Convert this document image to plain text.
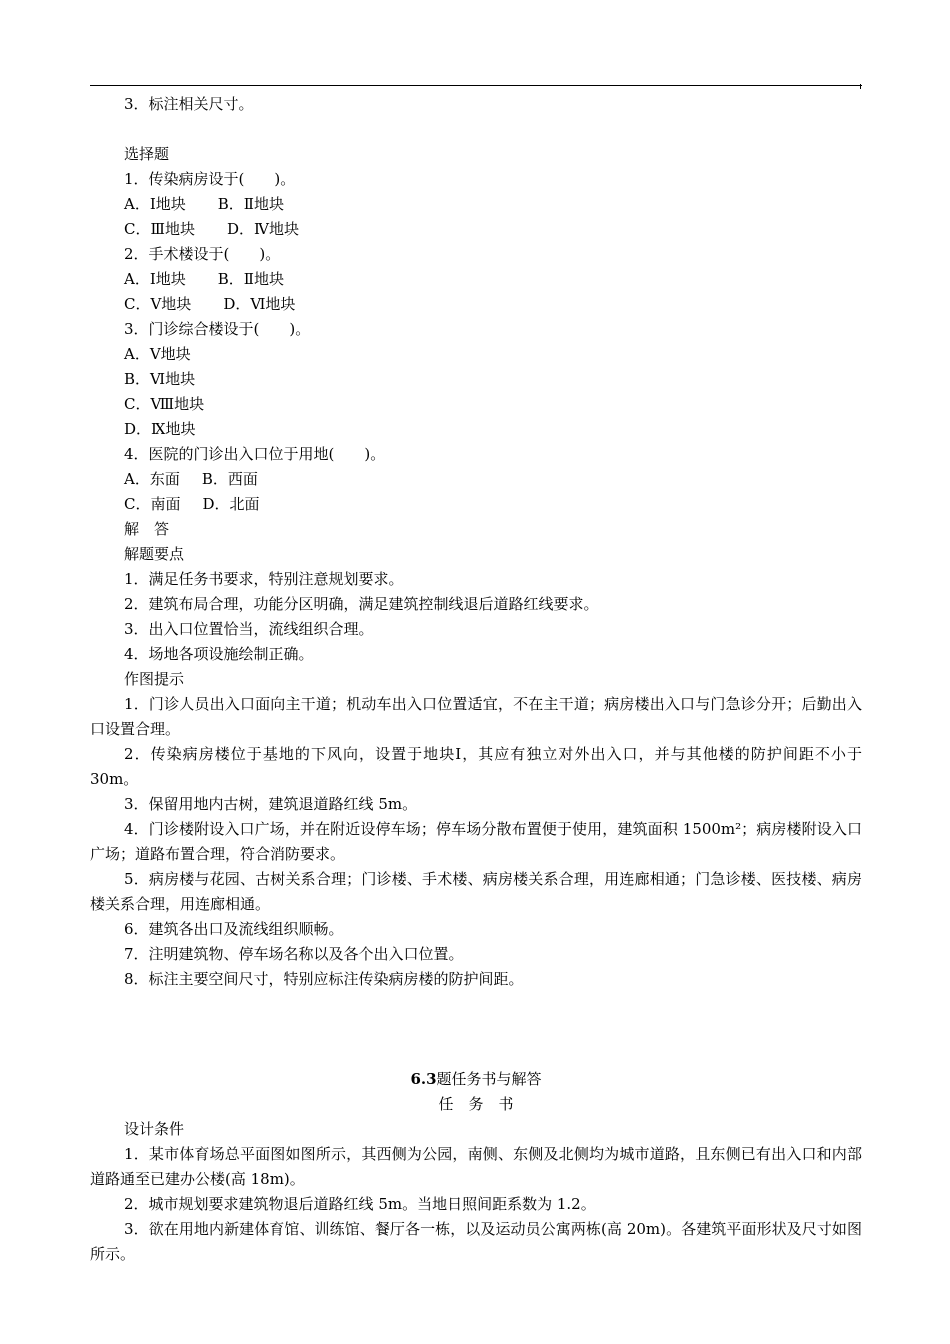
3．标注相关尺寸。
选择题
1．传染病房设于(　　)。
A．Ⅰ地块 B．Ⅱ地块
C．Ⅲ地块 D．Ⅳ地块
2．手术楼设于(　　)。
A．Ⅰ地块 B．Ⅱ地块
C．Ⅴ地块 D．Ⅵ地块
3．门诊综合楼设于(　　)。
A．Ⅴ地块
B．Ⅵ地块
C．Ⅷ地块
D．Ⅸ地块
4．医院的门诊出入口位于用地(　　)。
A．东面 B．西面
C．南面 D．北面
解　答
解题要点
1．满足任务书要求，特别注意规划要求。
2．建筑布局合理，功能分区明确，满足建筑控制线退后道路红线要求。
3．出入口位置恰当，流线组织合理。
4．场地各项设施绘制正确。
作图提示
1．门诊人员出入口面向主干道；机动车出入口位置适宜，不在主干道；病房楼出入口与门急诊分开；后勤出入口设置合理。
2．传染病房楼位于基地的下风向，设置于地块Ⅰ，其应有独立对外出入口，并与其他楼的防护间距不小于 30m。
3．保留用地内古树，建筑退道路红线 5m。
4．门诊楼附设入口广场，并在附近设停车场；停车场分散布置便于使用，建筑面积 1500m²；病房楼附设入口广场；道路布置合理，符合消防要求。
5．病房楼与花园、古树关系合理；门诊楼、手术楼、病房楼关系合理，用连廊相通；门急诊楼、医技楼、病房楼关系合理，用连廊相通。
6．建筑各出口及流线组织顺畅。
7．注明建筑物、停车场名称以及各个出入口位置。
8．标注主要空间尺寸，特别应标注传染病房楼的防护间距。
6.3题任务书与解答
任　务　书
设计条件
1．某市体育场总平面图如图所示，其西侧为公园，南侧、东侧及北侧均为城市道路，且东侧已有出入口和内部道路通至已建办公楼(高 18m)。
2．城市规划要求建筑物退后道路红线 5m。当地日照间距系数为 1.2。
3．欲在用地内新建体育馆、训练馆、餐厅各一栋，以及运动员公寓两栋(高 20m)。各建筑平面形状及尺寸如图所示。
